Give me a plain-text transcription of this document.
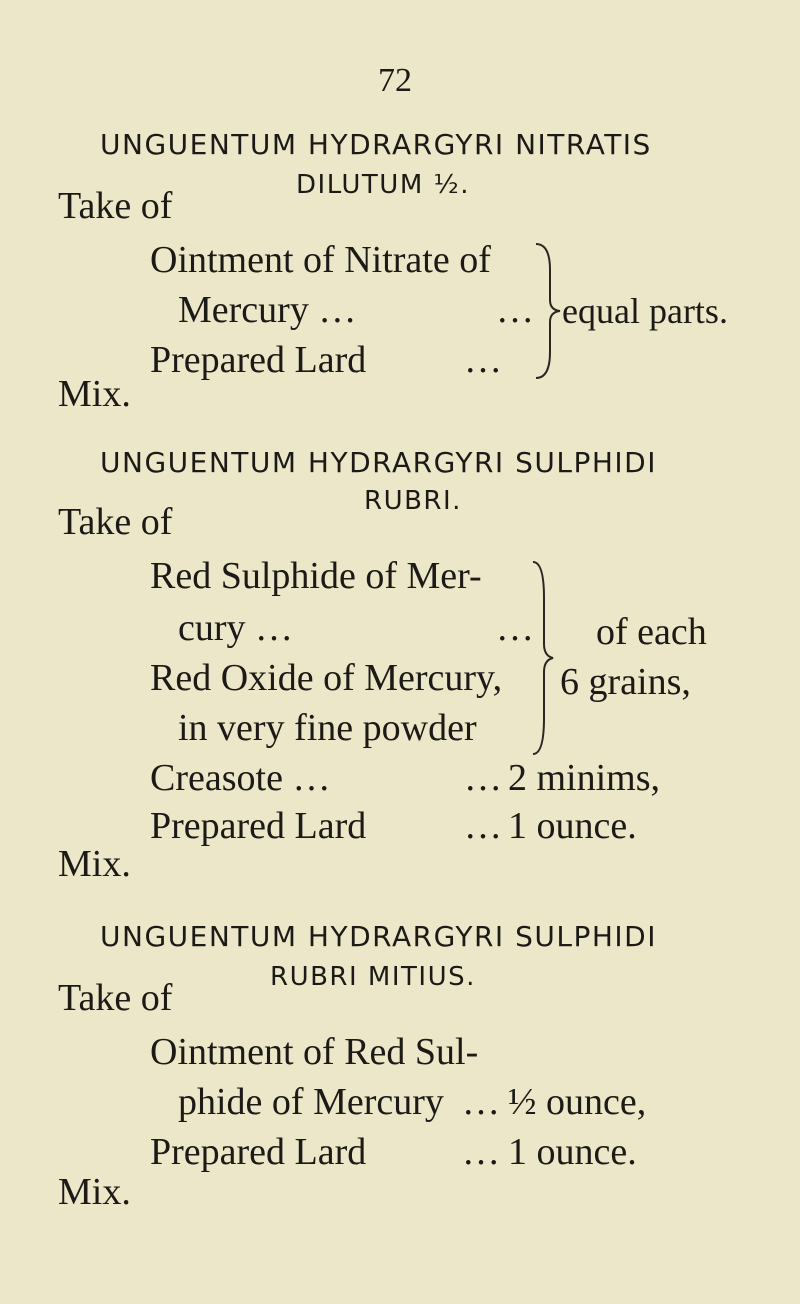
72
UNGUENTUM HYDRARGYRI NITRATIS
DILUTUM ½.
Take of
Ointment of Nitrate of
Mercury …	…
Prepared Lard	…
equal parts.
Mix.
UNGUENTUM HYDRARGYRI SULPHIDI
RUBRI.
Take of
Red Sulphide of Mer-
cury …	…
Red Oxide of Mercury,
in very fine powder
of each
6 grains,
Creasote …	… 2 minims,
Prepared Lard	… 1 ounce.
Mix.
UNGUENTUM HYDRARGYRI SULPHIDI
RUBRI MITIUS.
Take of
Ointment of Red Sul-
phide of Mercury … ½ ounce,
Prepared Lard	… 1 ounce.
Mix.
